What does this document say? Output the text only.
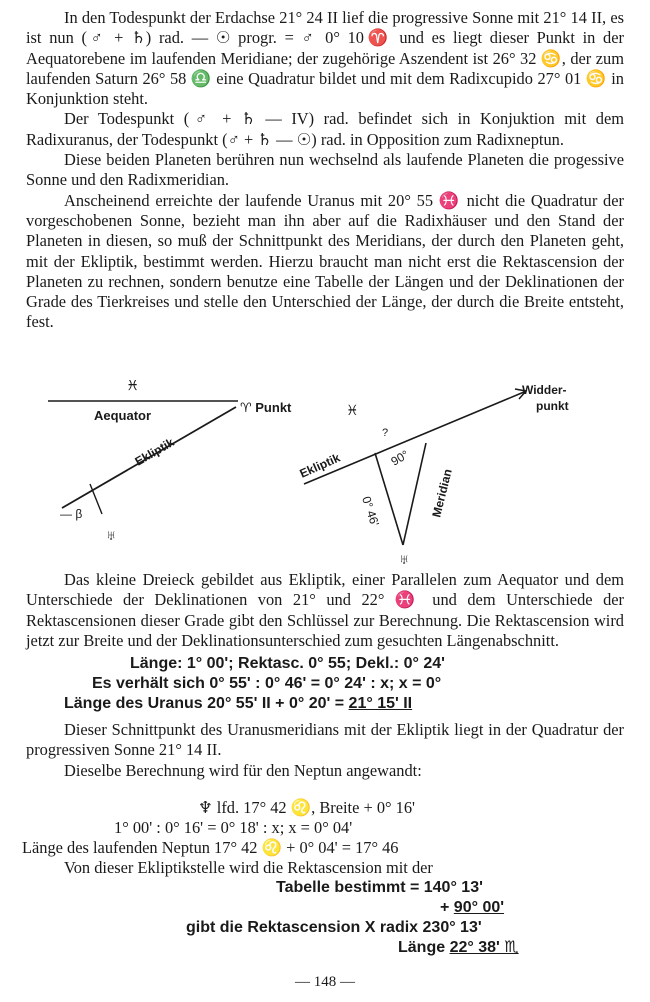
In den Todespunkt der Erdachse 21° 24 II lief die progressive Sonne mit 21° 14 II, es ist nun (♂ + ♄) rad. — ☉ progr. = ♂ 0° 10♈ und es liegt dieser Punkt in der Aequatorebene im laufenden Meridiane; der zugehörige Aszendent ist 26° 32 ♋, der zum laufenden Saturn 26° 58 ♎ eine Quadratur bildet und mit dem Radixcupido 27° 01 ♋ in Konjunktion steht.

Der Todespunkt (♂ + ♄ — IV) rad. befindet sich in Konjuktion mit dem Radixuranus, der Todespunkt (♂ + ♄ — ☉) rad. in Opposition zum Radixneptun.

Diese beiden Planeten berühren nun wechselnd als laufende Planeten die progessive Sonne und den Radixmeridian.

Anscheinend erreichte der laufende Uranus mit 20° 55 ♓ nicht die Quadratur der vorgeschobenen Sonne, bezieht man ihn aber auf die Radixhäuser und den Stand der Planeten in diesen, so muß der Schnittpunkt des Meridians, der durch den Planeten geht, mit der Ekliptik, bestimmt werden. Hierzu braucht man nicht erst die Rektascension der Planeten zu rechnen, sondern benutze eine Tabelle der Längen und der Deklinationen der Grade des Tierkreises und stelle den Unterschied der Länge, der durch die Breite entsteht, fest.

♓
Aequator
♈ Punkt
Ekliptik
— β
♅
♓
Widder-
punkt
?
Ekliptik	90°
Meridian
0° 46'
♅

Das kleine Dreieck gebildet aus Ekliptik, einer Parallelen zum Aequator und dem Unterschiede der Deklinationen von 21° und 22° ♓ und dem Unterschiede der Rektascensionen dieser Grade gibt den Schlüssel zur Berechnung. Die Rektascension wird jetzt zur Breite und der Deklinationsunterschied zum gesuchten Längenabschnitt.

Länge: 1° 00'; Rektasc. 0° 55; Dekl.: 0° 24'
Es verhält sich 0° 55' : 0° 46' = 0° 24' : x; x = 0°
Länge des Uranus 20° 55' II + 0° 20' = 21° 15' II

Dieser Schnittpunkt des Uranusmeridians mit der Ekliptik liegt in der Quadratur der progressiven Sonne 21° 14 II.

Dieselbe Berechnung wird für den Neptun angewandt:

♆ lfd. 17° 42 ♌, Breite + 0° 16'
1° 00' : 0° 16' = 0° 18' : x; x = 0° 04'
Länge des laufenden Neptun 17° 42 ♌ + 0° 04' = 17° 46

Von dieser Ekliptikstelle wird die Rektascension mit der

Tabelle bestimmt = 140° 13'
+ 90° 00'
gibt die Rektascension X radix 230° 13'
Länge 22° 38' ♏
— 148 —
